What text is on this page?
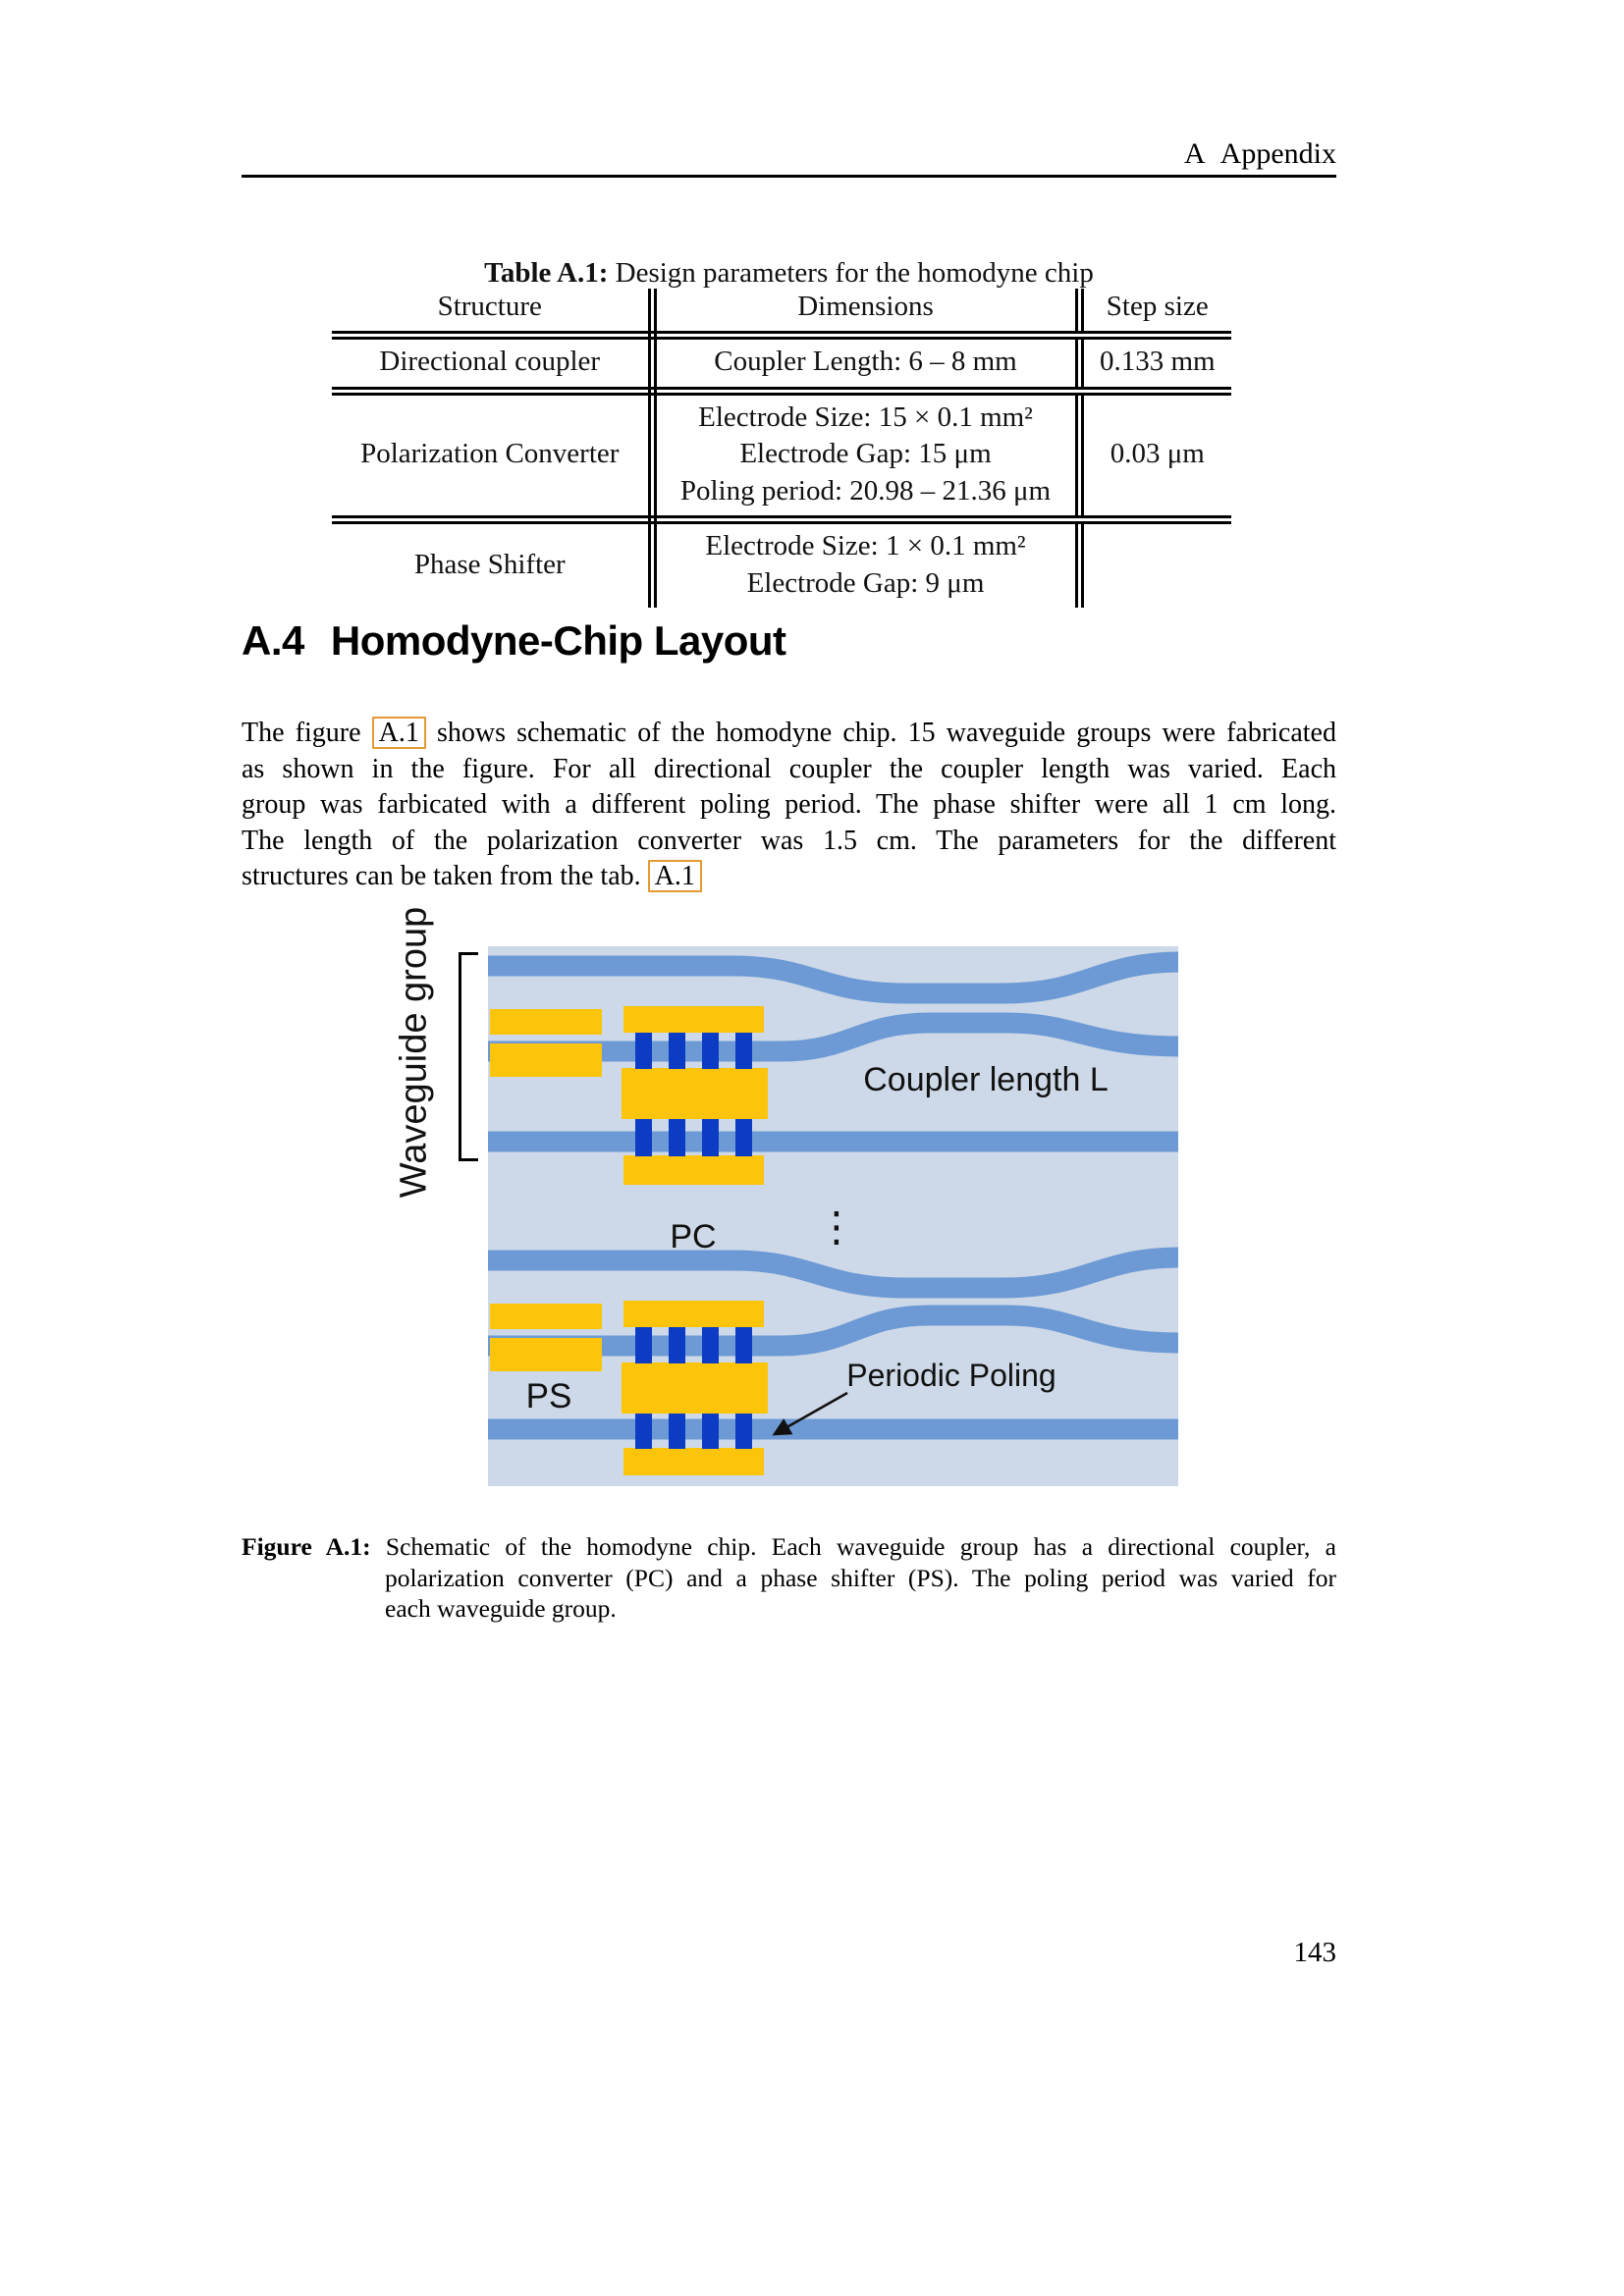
A Appendix
Table A.1: Design parameters for the homodyne chip
Structure	Dimensions	Step size
Directional coupler	Coupler Length: 6 – 8 mm	0.133 mm
Polarization Converter	Electrode Size: 15 × 0.1 mm²
Electrode Gap: 15 μm
Poling period: 20.98 – 21.36 μm	0.03 μm
Phase Shifter	Electrode Size: 1 × 0.1 mm²
Electrode Gap: 9 μm	

A.4 Homodyne-Chip Layout
The figure A.1 shows schematic of the homodyne chip. 15 waveguide groups were fabricated
as shown in the figure. For all directional coupler the coupler length was varied. Each
group was farbicated with a different poling period. The phase shifter were all 1 cm long.
The length of the polarization converter was 1.5 cm. The parameters for the different
structures can be taken from the tab. A.1
Waveguide group	Coupler length L
PC ⋮
PS
Periodic Poling
Figure A.1: Schematic of the homodyne chip. Each waveguide group has a directional coupler, a
polarization converter (PC) and a phase shifter (PS). The poling period was varied for
each waveguide group.
143
